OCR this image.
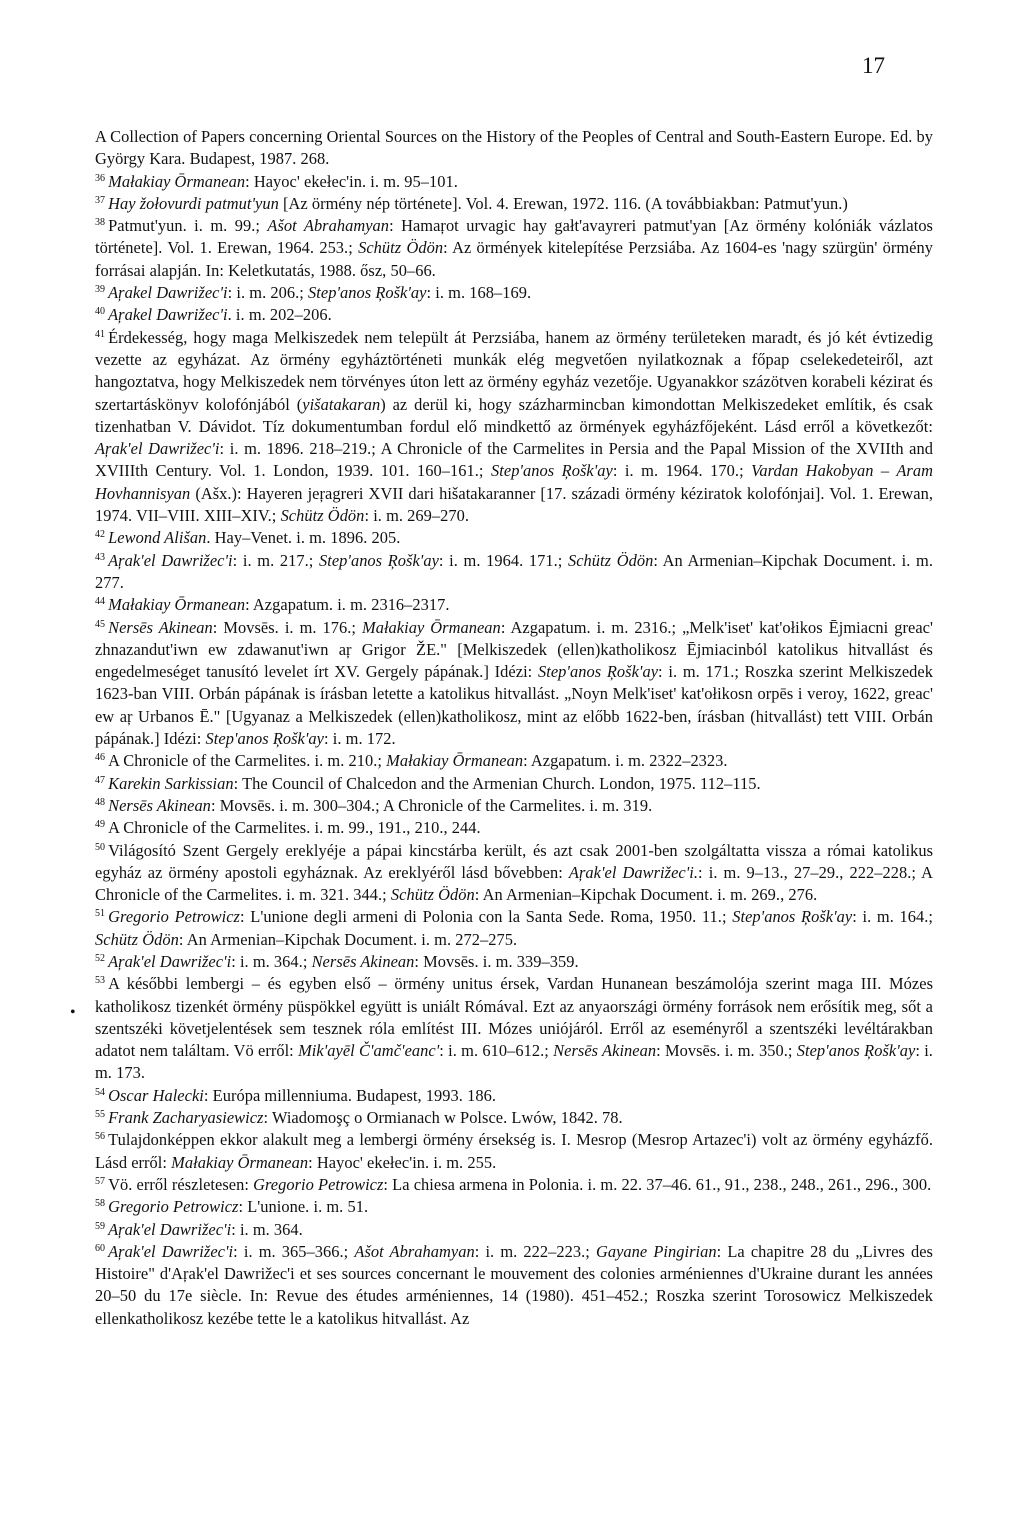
17
•

A Collection of Papers concerning Oriental Sources on the History of the Peoples of Central and South-Eastern Europe. Ed. by György Kara. Budapest, 1987. 268.

$^{36}$ Małakiay Ōrmanean: Hayoc' ekełec'in. i. m. 95–101.

$^{37}$ Hay žołovurdi patmut'yun [Az örmény nép története]. Vol. 4. Erewan, 1972. 116. (A továbbiakban: Patmut'yun.)

$^{38}$ Patmut'yun. i. m. 99.; Ašot Abrahamyan: Hamaŗot urvagic hay gałt'avayreri patmut'yan [Az örmény kolóniák vázlatos története]. Vol. 1. Erewan, 1964. 253.; Schütz Ödön: Az örmények kitelepítése Perzsiába. Az 1604-es 'nagy szürgün' örmény forrásai alapján. In: Keletkutatás, 1988. ősz, 50–66.

$^{39}$ Aŗakel Dawrižec'i: i. m. 206.; Step'anos Ŗošk'ay: i. m. 168–169.

$^{40}$ Aŗakel Dawrižec'i. i. m. 202–206.

$^{41}$ Érdekesség, hogy maga Melkiszedek nem települt át Perzsiába, hanem az örmény területeken maradt, és jó két évtizedig vezette az egyházat. Az örmény egyháztörténeti munkák elég megvetően nyilatkoznak a főpap cselekedeteiről, azt hangoztatva, hogy Melkiszedek nem törvényes úton lett az örmény egyház vezetője. Ugyanakkor százötven korabeli kézirat és szertartáskönyv kolofónjából (yišatakaran) az derül ki, hogy százharmincban kimondottan Melkiszedeket említik, és csak tizenhatban V. Dávidot. Tíz dokumentumban fordul elő mindkettő az örmények egyházfőjeként. Lásd erről a következőt: Aŗak'el Dawrižec'i: i. m. 1896. 218–219.; A Chronicle of the Carmelites in Persia and the Papal Mission of the XVIIth and XVIIIth Century. Vol. 1. London, 1939. 101. 160–161.; Step'anos Ŗošk'ay: i. m. 1964. 170.; Vardan Hakobyan – Aram Hovhannisyan (Ašx.): Hayeren jeŗagreri XVII dari hišatakaranner [17. századi örmény kéziratok kolofónjai]. Vol. 1. Erewan, 1974. VII–VIII. XIII–XIV.; Schütz Ödön: i. m. 269–270.

$^{42}$ Lewond Ališan. Hay–Venet. i. m. 1896. 205.

$^{43}$ Aŗak'el Dawrižec'i: i. m. 217.; Step'anos Ŗošk'ay: i. m. 1964. 171.; Schütz Ödön: An Armenian–Kipchak Document. i. m. 277.

$^{44}$ Małakiay Ōrmanean: Azgapatum. i. m. 2316–2317.

$^{45}$ Nersēs Akinean: Movsēs. i. m. 176.; Małakiay Ōrmanean: Azgapatum. i. m. 2316.; „Melk'iset' kat'ołikos Ējmiacni greac' zhnazandut'iwn ew zdawanut'iwn aŗ Grigor ŽE." [Melkiszedek (ellen)katholikosz Ējmiacinból katolikus hitvallást és engedelmeséget tanusító levelet írt XV. Gergely pápának.] Idézi: Step'anos Ŗošk'ay: i. m. 171.; Roszka szerint Melkiszedek 1623-ban VIII. Orbán pápának is írásban letette a katolikus hitvallást. „Noyn Melk'iset' kat'ołikosn orpēs i veroy, 1622, greac' ew aŗ Urbanos Ē." [Ugyanaz a Melkiszedek (ellen)katholikosz, mint az előbb 1622-ben, írásban (hitvallást) tett VIII. Orbán pápának.] Idézi: Step'anos Ŗošk'ay: i. m. 172.

$^{46}$ A Chronicle of the Carmelites. i. m. 210.; Małakiay Ōrmanean: Azgapatum. i. m. 2322–2323.

$^{47}$ Karekin Sarkissian: The Council of Chalcedon and the Armenian Church. London, 1975. 112–115.

$^{48}$ Nersēs Akinean: Movsēs. i. m. 300–304.; A Chronicle of the Carmelites. i. m. 319.

$^{49}$ A Chronicle of the Carmelites. i. m. 99., 191., 210., 244.

$^{50}$ Világosító Szent Gergely ereklyéje a pápai kincstárba került, és azt csak 2001-ben szolgáltatta vissza a római katolikus egyház az örmény apostoli egyháznak. Az ereklyéről lásd bővebben: Aŗak'el Dawrižec'i.: i. m. 9–13., 27–29., 222–228.; A Chronicle of the Carmelites. i. m. 321. 344.; Schütz Ödön: An Armenian–Kipchak Document. i. m. 269., 276.

$^{51}$ Gregorio Petrowicz: L'unione degli armeni di Polonia con la Santa Sede. Roma, 1950. 11.; Step'anos Ŗošk'ay: i. m. 164.; Schütz Ödön: An Armenian–Kipchak Document. i. m. 272–275.

$^{52}$ Aŗak'el Dawrižec'i: i. m. 364.; Nersēs Akinean: Movsēs. i. m. 339–359.

$^{53}$ A későbbi lembergi – és egyben első – örmény unitus érsek, Vardan Hunanean beszámolója szerint maga III. Mózes katholikosz tizenkét örmény püspökkel együtt is uniált Rómával. Ezt az anyaországi örmény források nem erősítik meg, sőt a szentszéki követjelentések sem tesznek róla említést III. Mózes uniójáról. Erről az eseményről a szentszéki levéltárakban adatot nem találtam. Vö erről: Mik'ayēl Č'amč'eanc': i. m. 610–612.; Nersēs Akinean: Movsēs. i. m. 350.; Step'anos Ŗošk'ay: i. m. 173.

$^{54}$ Oscar Halecki: Európa millenniuma. Budapest, 1993. 186.

$^{55}$ Frank Zacharyasiewicz: Wiadomoşç o Ormianach w Polsce. Lwów, 1842. 78.

$^{56}$ Tulajdonképpen ekkor alakult meg a lembergi örmény érsekség is. I. Mesrop (Mesrop Artazec'i) volt az örmény egyházfő. Lásd erről: Małakiay Ōrmanean: Hayoc' ekełec'in. i. m. 255.

$^{57}$ Vö. erről részletesen: Gregorio Petrowicz: La chiesa armena in Polonia. i. m. 22. 37–46. 61., 91., 238., 248., 261., 296., 300.

$^{58}$ Gregorio Petrowicz: L'unione. i. m. 51.

$^{59}$ Aŗak'el Dawrižec'i: i. m. 364.

$^{60}$ Aŗak'el Dawrižec'i: i. m. 365–366.; Ašot Abrahamyan: i. m. 222–223.; Gayane Pingirian: La chapitre 28 du „Livres des Histoire" d'Aŗak'el Dawrižec'i et ses sources concernant le mouvement des colonies arméniennes d'Ukraine durant les années 20–50 du 17e siècle. In: Revue des études arméniennes, 14 (1980). 451–452.; Roszka szerint Torosowicz Melkiszedek ellenkatholikosz kezébe tette le a katolikus hitvallást. Az
